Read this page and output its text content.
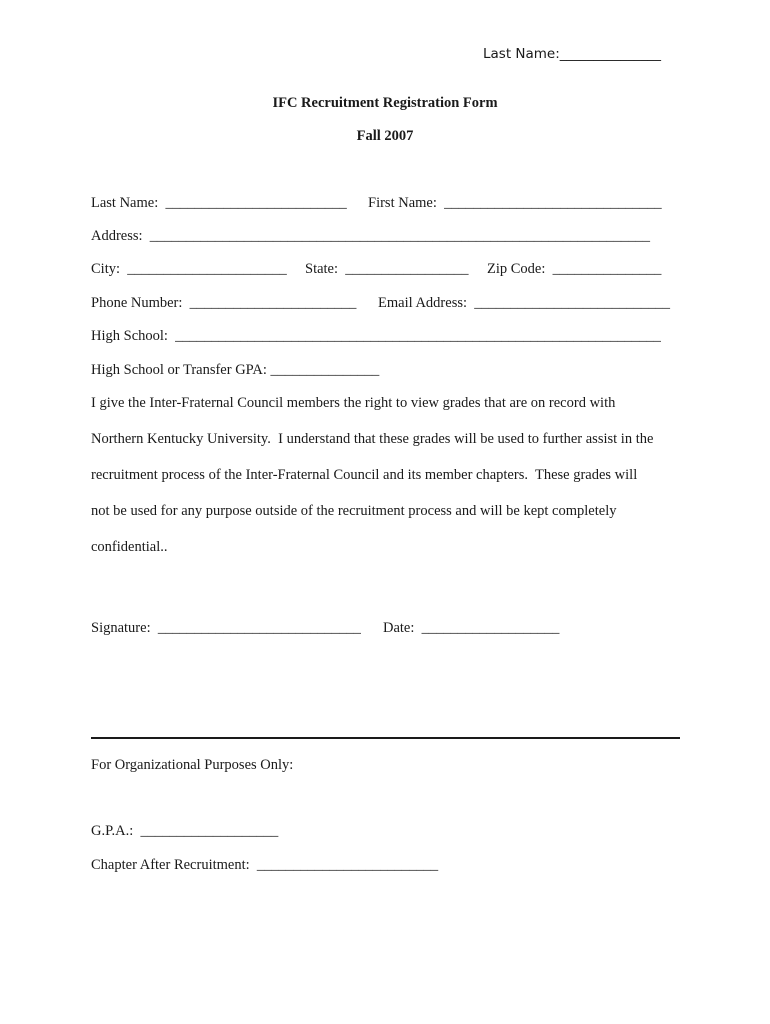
Last Name:_______________
IFC Recruitment Registration Form
Fall 2007
Last Name:  _________________________ First Name:  ______________________________
Address:  _____________________________________________________________________
City:  ______________________ State:  _________________ Zip Code:  _______________
Phone Number:  _______________________ Email Address:  ___________________________
High School:  ___________________________________________________________________
High School or Transfer GPA: _______________
I give the Inter-Fraternal Council members the right to view grades that are on record with
Northern Kentucky University.  I understand that these grades will be used to further assist in the
recruitment process of the Inter-Fraternal Council and its member chapters.  These grades will
not be used for any purpose outside of the recruitment process and will be kept completely
confidential..
Signature:  ____________________________ Date:  ___________________
For Organizational Purposes Only:
G.P.A.:  ___________________
Chapter After Recruitment:  _________________________
